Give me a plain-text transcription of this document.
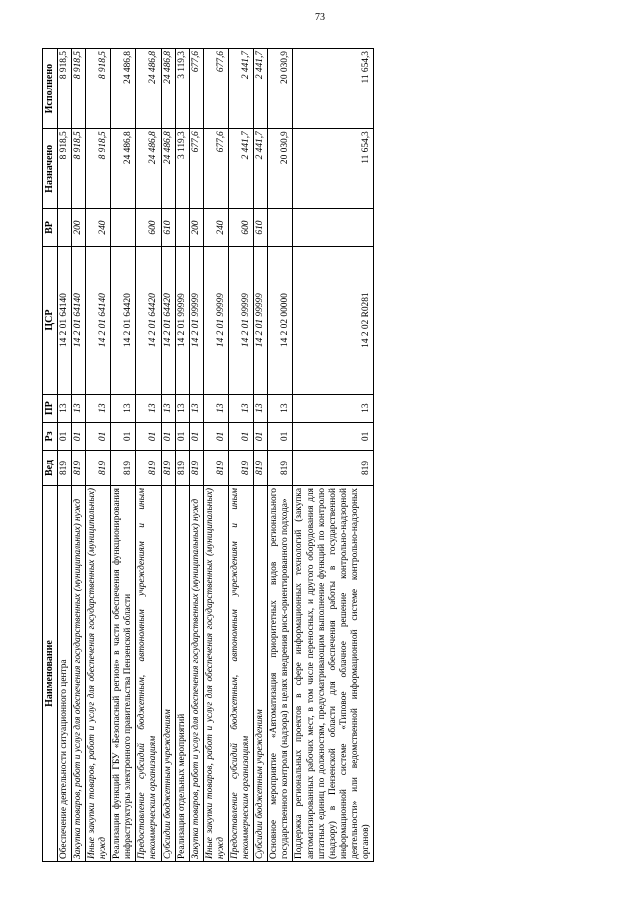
73
Наименование	Вед	Рз	ПР	ЦСР	ВР	Назначено	Исполнено
Обеспечение деятельности ситуационного центра	819	01	13	14 2 01 64140		8 918,5	8 918,5
Закупка товаров, работ и услуг для обеспечения государственных (муниципальных) нужд	819	01	13	14 2 01 64140	200	8 918,5	8 918,5
Иные закупки товаров, работ и услуг для обеспечения государственных (муниципальных) нужд	819	01	13	14 2 01 64140	240	8 918,5	8 918,5
Реализация функций ГБУ «Безопасный регион» в части обеспечения функционирования инфраструктуры электронного правительства Пензенской области	819	01	13	14 2 01 64420		24 486,8	24 486,8
Предоставление субсидий бюджетным, автономным учреждениям и иным некоммерческим организациям	819	01	13	14 2 01 64420	600	24 486,8	24 486,8
Субсидии бюджетным учреждениям	819	01	13	14 2 01 64420	610	24 486,8	24 486,8
Реализация отдельных мероприятий	819	01	13	14 2 01 99999		3 119,3	3 119,3
Закупка товаров, работ и услуг для обеспечения государственных (муниципальных) нужд	819	01	13	14 2 01 99999	200	677,6	677,6
Иные закупки товаров, работ и услуг для обеспечения государственных (муниципальных) нужд	819	01	13	14 2 01 99999	240	677,6	677,6
Предоставление субсидий бюджетным, автономным учреждениям и иным некоммерческим организациям	819	01	13	14 2 01 99999	600	2 441,7	2 441,7
Субсидии бюджетным учреждениям	819	01	13	14 2 01 99999	610	2 441,7	2 441,7
Основное мероприятие «Автоматизация приоритетных видов регионального государственного контроля (надзора) в целях внедрения риск-ориентированного подхода»	819	01	13	14 2 02 00000		20 030,9	20 030,9
Поддержка региональных проектов в сфере информационных технологий (закупка автоматизированных рабочих мест, в том числе переносных, и другого оборудования для штатных единиц по должностям, предусматривающим выполнение функций по контролю (надзору) в Пензенской области для обеспечения работы в государственной информационной системе «Типовое облачное решение контрольно-надзорной деятельности» или ведомственной информационной системе контрольно-надзорных органов)	819	01	13	14 2 02 R0281		11 654,3	11 654,3
